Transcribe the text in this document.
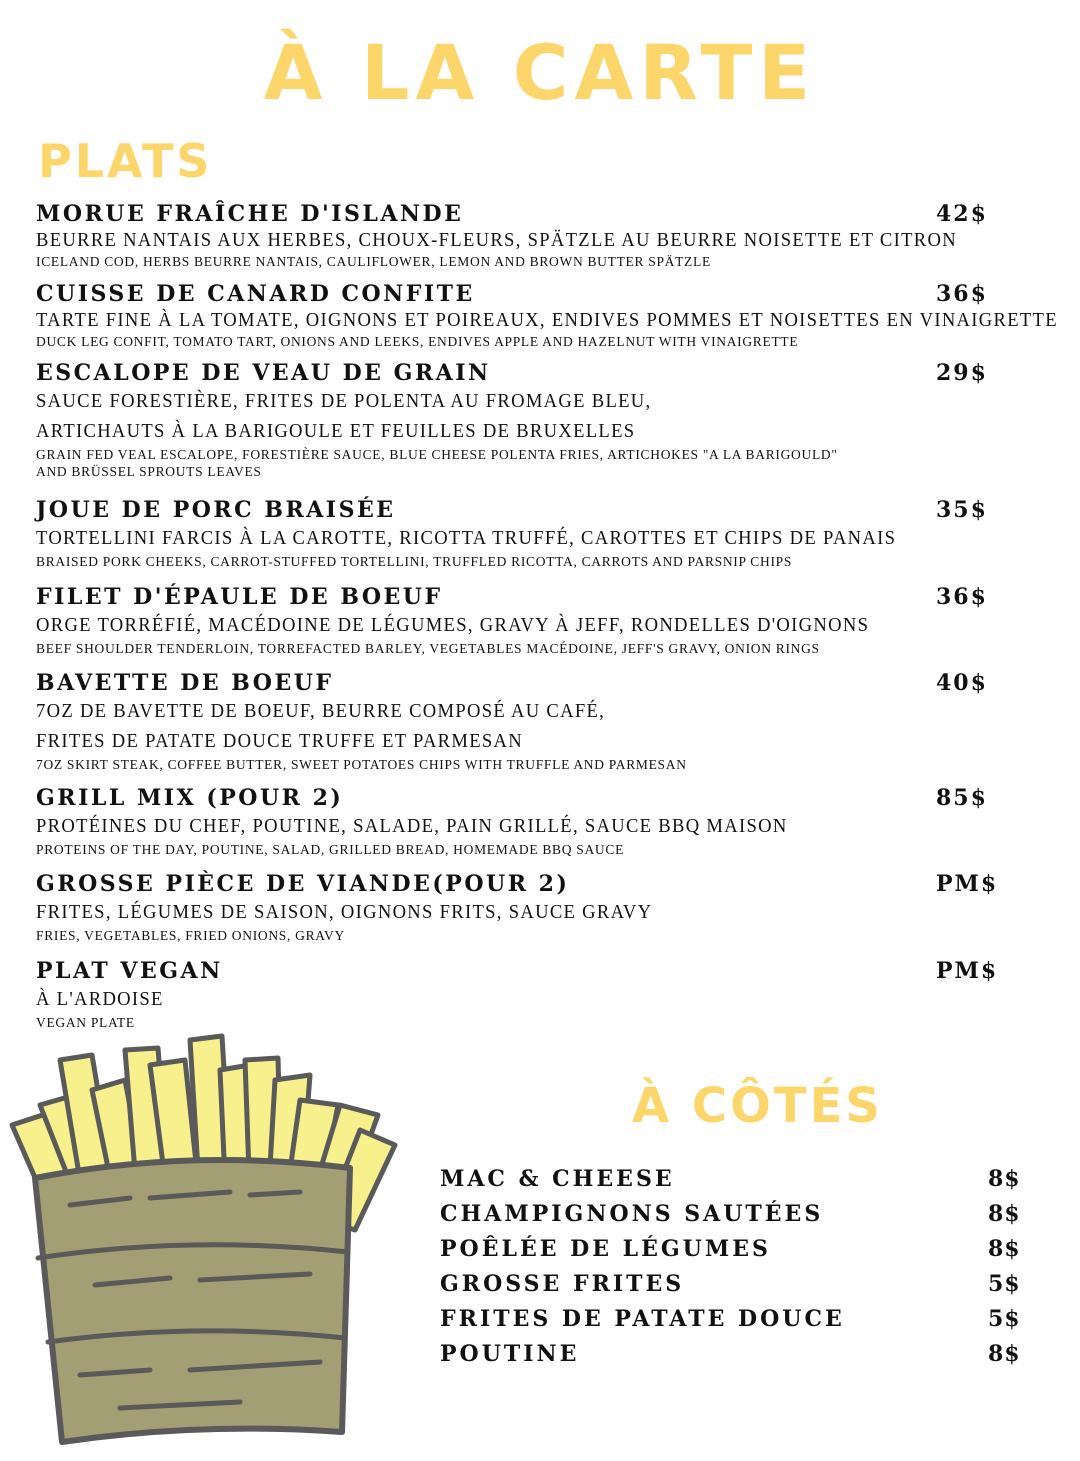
À LA CARTE
PLATS
MORUE FRAÎCHE D'ISLANDE	42$
BEURRE NANTAIS AUX HERBES, CHOUX-FLEURS, SPÄTZLE AU BEURRE NOISETTE ET CITRON
ICELAND COD, HERBS BEURRE NANTAIS, CAULIFLOWER, LEMON AND BROWN BUTTER SPÄTZLE
CUISSE DE CANARD CONFITE	36$
TARTE FINE À LA TOMATE, OIGNONS ET POIREAUX, ENDIVES POMMES ET NOISETTES EN VINAIGRETTE
DUCK LEG CONFIT, TOMATO TART, ONIONS AND LEEKS, ENDIVES APPLE AND HAZELNUT WITH VINAIGRETTE
ESCALOPE DE VEAU DE GRAIN	29$
SAUCE FORESTIÈRE, FRITES DE POLENTA AU FROMAGE BLEU,
ARTICHAUTS À LA BARIGOULE ET FEUILLES DE BRUXELLES
GRAIN FED VEAL ESCALOPE, FORESTIÈRE SAUCE, BLUE CHEESE POLENTA FRIES, ARTICHOKES "A LA BARIGOULD"
AND BRÜSSEL SPROUTS LEAVES
JOUE DE PORC BRAISÉE	35$
TORTELLINI FARCIS À LA CAROTTE, RICOTTA TRUFFÉ, CAROTTES ET CHIPS DE PANAIS
BRAISED PORK CHEEKS, CARROT-STUFFED TORTELLINI, TRUFFLED RICOTTA, CARROTS AND PARSNIP CHIPS
FILET D'ÉPAULE DE BOEUF	36$
ORGE TORRÉFIÉ, MACÉDOINE DE LÉGUMES, GRAVY À JEFF, RONDELLES D'OIGNONS
BEEF SHOULDER TENDERLOIN, TORREFACTED BARLEY, VEGETABLES MACÉDOINE, JEFF'S GRAVY, ONION RINGS
BAVETTE DE BOEUF	40$
7OZ DE BAVETTE DE BOEUF, BEURRE COMPOSÉ AU CAFÉ,
FRITES DE PATATE DOUCE TRUFFE ET PARMESAN
7OZ SKIRT STEAK, COFFEE BUTTER, SWEET POTATOES CHIPS WITH TRUFFLE AND PARMESAN
GRILL MIX (POUR 2)	85$
PROTÉINES DU CHEF, POUTINE, SALADE, PAIN GRILLÉ, SAUCE BBQ MAISON
PROTEINS OF THE DAY, POUTINE, SALAD, GRILLED BREAD, HOMEMADE BBQ SAUCE
GROSSE PIÈCE DE VIANDE(POUR 2)	PM$
FRITES, LÉGUMES DE SAISON, OIGNONS FRITS, SAUCE GRAVY
FRIES, VEGETABLES, FRIED ONIONS, GRAVY
PLAT VEGAN	PM$
À L'ARDOISE
VEGAN PLATE
À CÔTÉS
MAC & CHEESE	8$
CHAMPIGNONS SAUTÉES	8$
POÊLÉE DE LÉGUMES	8$
GROSSE FRITES	5$
FRITES DE PATATE DOUCE	5$
POUTINE	8$
